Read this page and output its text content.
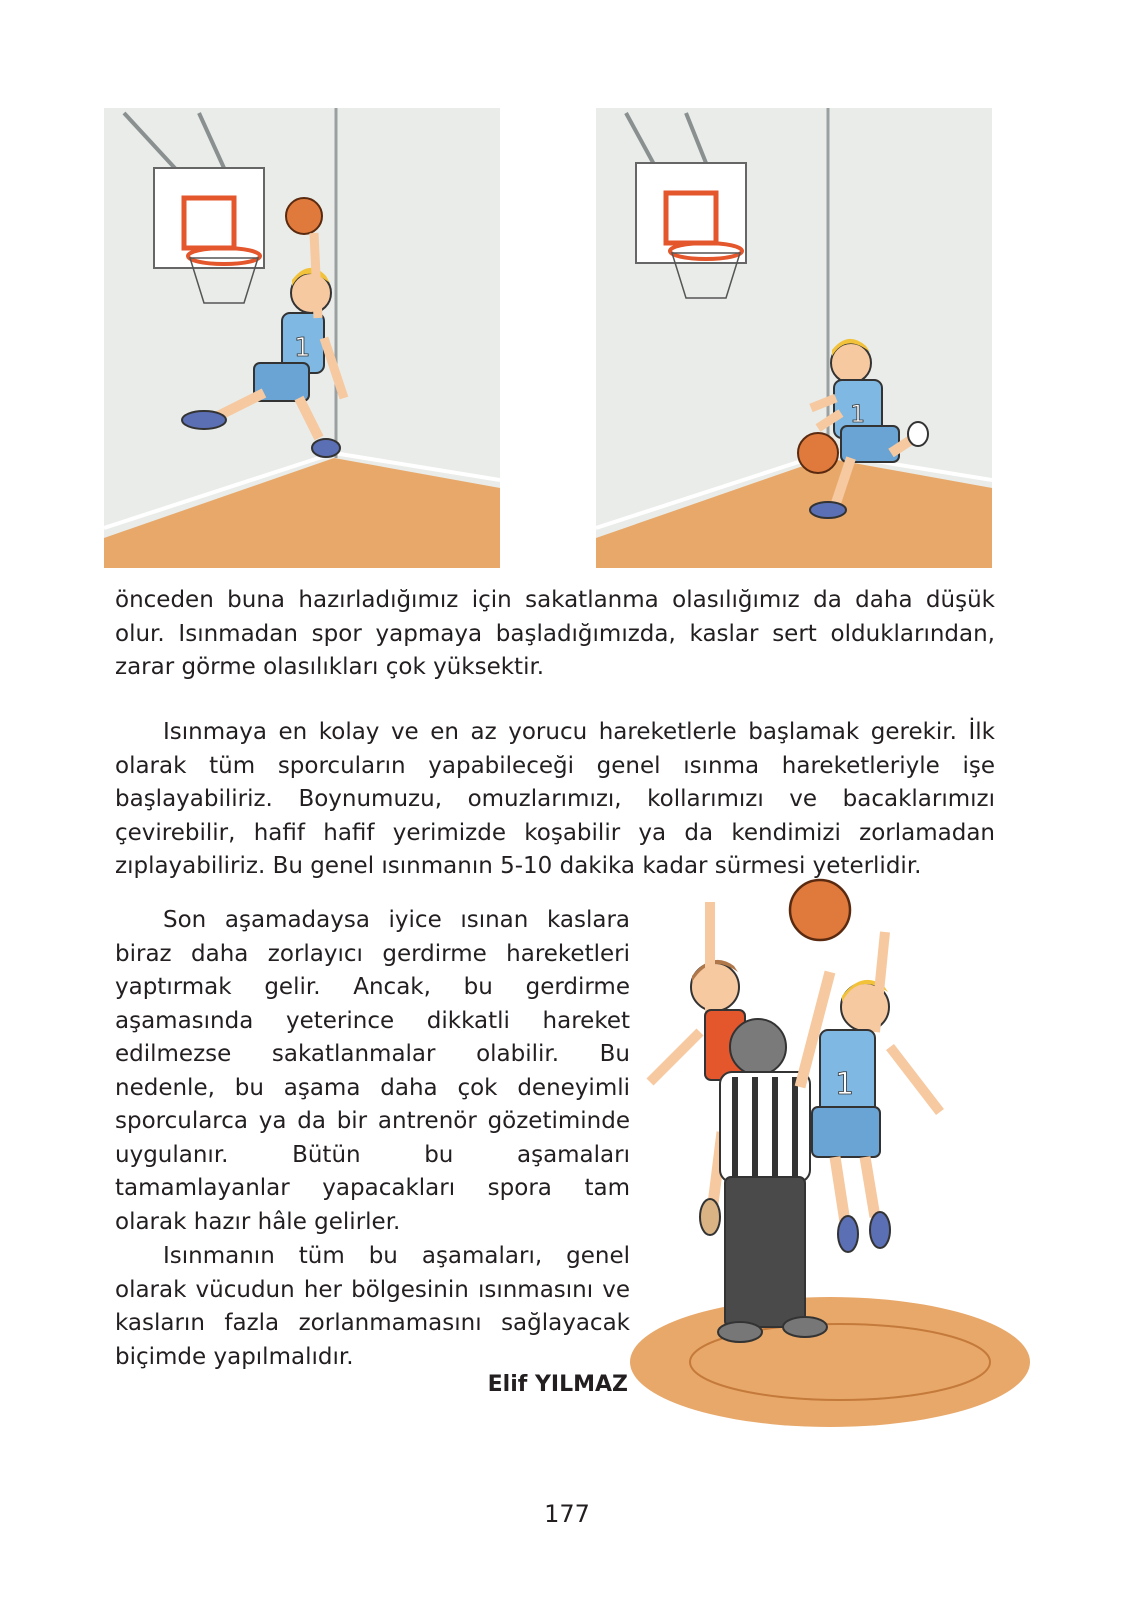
1
1
1

önceden buna hazırladığımız için sakatlanma olasılığımız da daha düşük olur. Isınmadan spor yapmaya başladığımızda, kaslar sert olduklarından, zarar görme olasılıkları çok yüksektir.

Isınmaya en kolay ve en az yorucu hareketlerle başlamak gerekir. İlk olarak tüm sporcuların yapabileceği genel ısınma hareketleriyle işe başlayabiliriz. Boynumuzu, omuzlarımızı, kollarımızı ve bacaklarımızı çevirebilir, hafif hafif yerimizde koşabilir ya da kendimizi zorlamadan zıplayabiliriz. Bu genel ısınmanın 5-10 dakika kadar sürmesi yeterlidir.

Son aşamadaysa iyice ısınan kaslara biraz daha zorlayıcı gerdirme hareketleri yaptırmak gelir. Ancak, bu gerdirme aşamasında yeterince dikkatli hareket edilmezse sakatlanmalar olabilir. Bu nedenle, bu aşama daha çok deneyimli sporcularca ya da bir antrenör gözetiminde uygulanır. Bütün bu aşamaları tamamlayanlar yapacakları spora tam olarak hazır hâle gelirler.

Isınmanın tüm bu aşamaları, genel olarak vücudun her bölgesinin ısınmasını ve kasların fazla zorlanmamasını sağlayacak biçimde yapılmalıdır.

Elif YILMAZ

177
